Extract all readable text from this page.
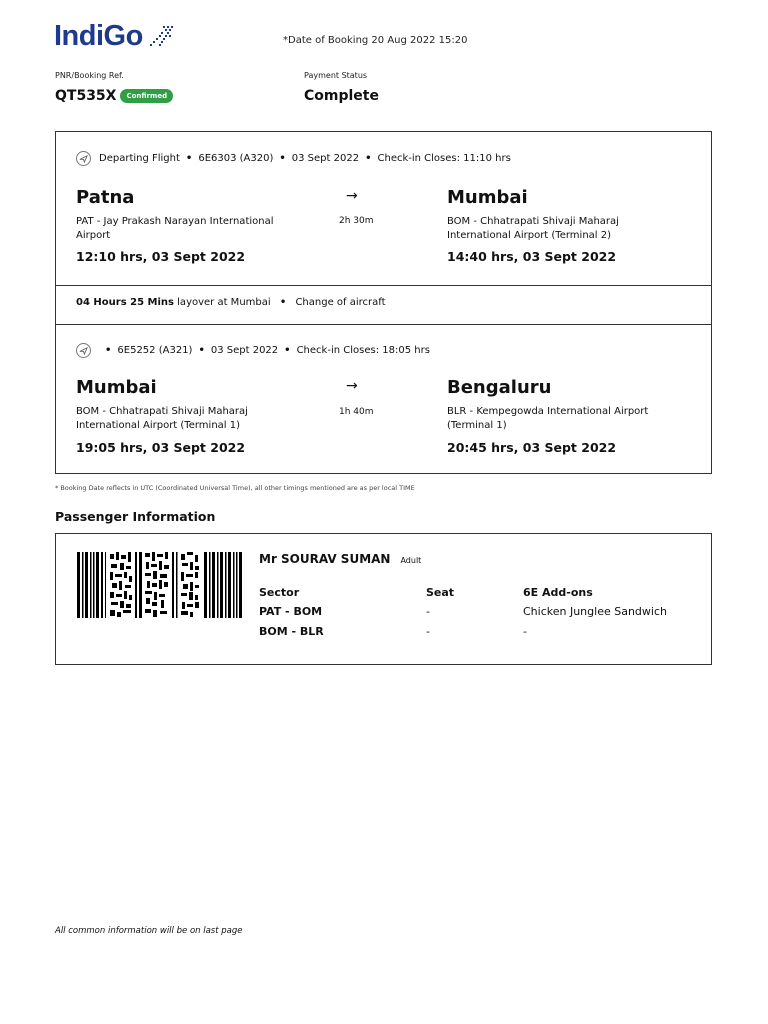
IndiGo	*Date of Booking 20 Aug 2022 15:20
PNR/Booking Ref.	Payment Status
QT535X	Confirmed	Complete
Departing Flight • 6E6303 (A320) • 03 Sept 2022 • Check-in Closes: 11:10 hrs
Patna
PAT - Jay Prakash Narayan International Airport
12:10 hrs, 03 Sept 2022
→
2h 30m
Mumbai
BOM - Chhatrapati Shivaji Maharaj International Airport (Terminal 2)
14:40 hrs, 03 Sept 2022
04 Hours 25 Mins layover at Mumbai • Change of aircraft
• 6E5252 (A321) • 03 Sept 2022 • Check-in Closes: 18:05 hrs
Mumbai
BOM - Chhatrapati Shivaji Maharaj International Airport (Terminal 1)
19:05 hrs, 03 Sept 2022
→
1h 40m
Bengaluru
BLR - Kempegowda International Airport (Terminal 1)
20:45 hrs, 03 Sept 2022
* Booking Date reflects in UTC (Coordinated Universal Time), all other timings mentioned are as per local TIME
Passenger Information
Mr SOURAV SUMAN Adult
Sector	Seat	6E Add-ons
PAT - BOM	-	Chicken Junglee Sandwich
BOM - BLR	-	-
All common information will be on last page
